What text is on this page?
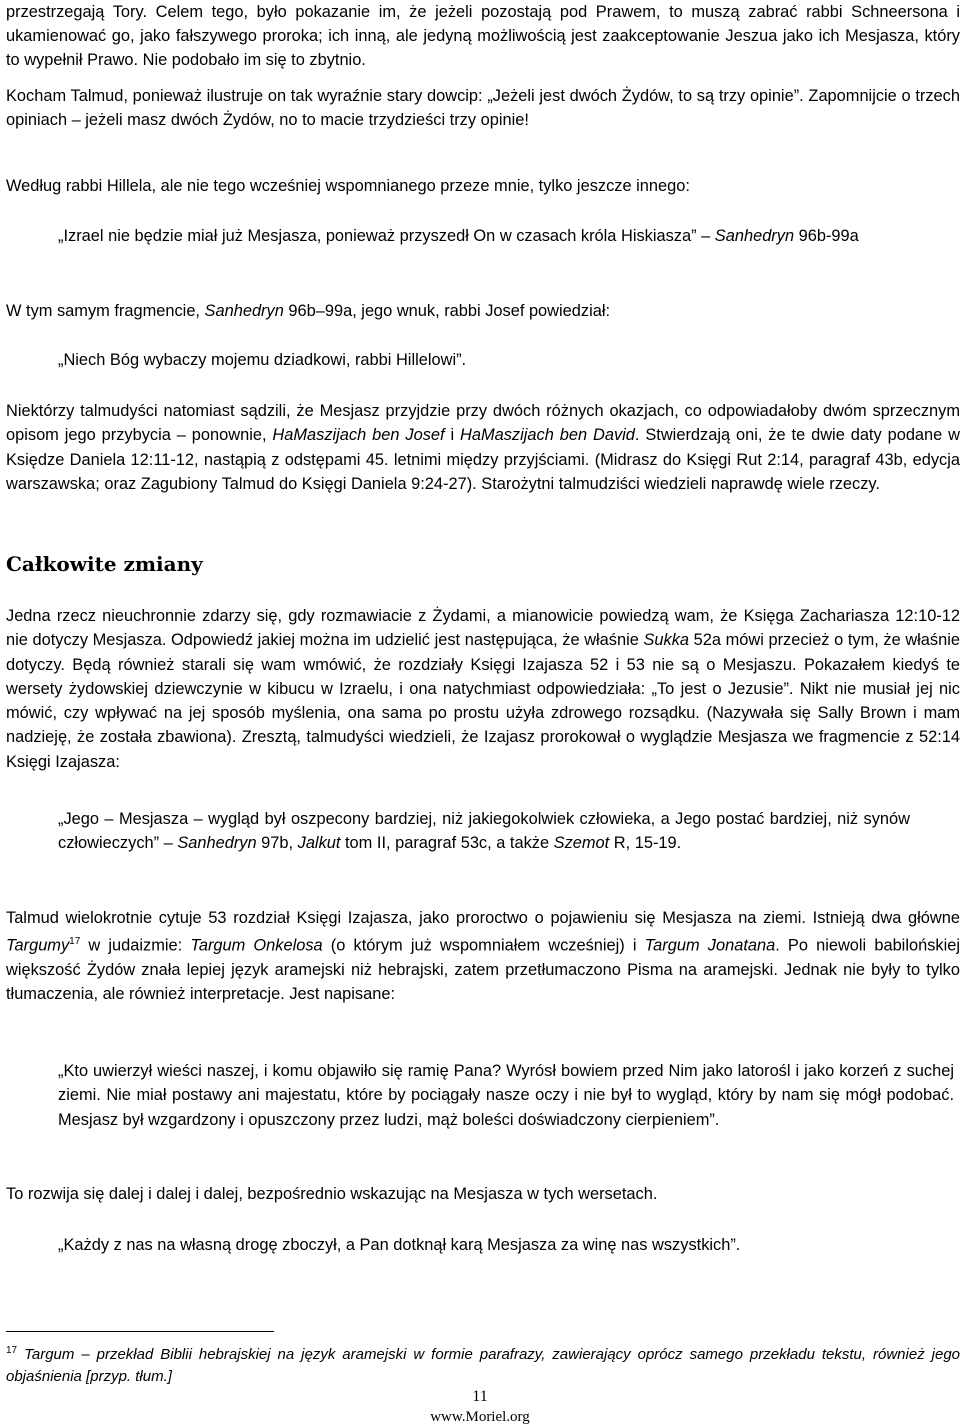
przestrzegają Tory. Celem tego, było pokazanie im, że jeżeli pozostają pod Prawem, to muszą zabrać rabbi Schneersona i ukamienować go, jako fałszywego proroka; ich inną, ale jedyną możliwością jest zaakceptowanie Jeszua jako ich Mesjasza, który to wypełnił Prawo. Nie podobało im się to zbytnio.

Kocham Talmud, ponieważ ilustruje on tak wyraźnie stary dowcip: „Jeżeli jest dwóch Żydów, to są trzy opinie”. Zapomnijcie o trzech opiniach – jeżeli masz dwóch Żydów, no to macie trzydzieści trzy opinie!

Według rabbi Hillela, ale nie tego wcześniej wspomnianego przeze mnie, tylko jeszcze innego:

„Izrael nie będzie miał już Mesjasza, ponieważ przyszedł On w czasach króla Hiskiasza” – Sanhedryn 96b-99a

W tym samym fragmencie, Sanhedryn 96b–99a, jego wnuk, rabbi Josef powiedział:

„Niech Bóg wybaczy mojemu dziadkowi, rabbi Hillelowi”.

Niektórzy talmudyści natomiast sądzili, że Mesjasz przyjdzie przy dwóch różnych okazjach, co odpowiadałoby dwóm sprzecznym opisom jego przybycia – ponownie, HaMaszijach ben Josef i HaMaszijach ben David. Stwierdzają oni, że te dwie daty podane w Księdze Daniela 12:11-12, nastąpią z odstępami 45. letnimi między przyjściami. (Midrasz do Księgi Rut 2:14, paragraf 43b, edycja warszawska; oraz Zagubiony Talmud do Księgi Daniela 9:24-27). Starożytni talmudziści wiedzieli naprawdę wiele rzeczy.

Całkowite zmiany

Jedna rzecz nieuchronnie zdarzy się, gdy rozmawiacie z Żydami, a mianowicie powiedzą wam, że Księga Zachariasza 12:10-12 nie dotyczy Mesjasza. Odpowiedź jakiej można im udzielić jest następująca, że właśnie Sukka 52a mówi przecież o tym, że właśnie dotyczy. Będą również starali się wam wmówić, że rozdziały Księgi Izajasza 52 i 53 nie są o Mesjaszu. Pokazałem kiedyś te wersety żydowskiej dziewczynie w kibucu w Izraelu, i ona natychmiast odpowiedziała: „To jest o Jezusie”. Nikt nie musiał jej nic mówić, czy wpływać na jej sposób myślenia, ona sama po prostu użyła zdrowego rozsądku. (Nazywała się Sally Brown i mam nadzieję, że została zbawiona). Zresztą, talmudyści wiedzieli, że Izajasz prorokował o wyglądzie Mesjasza we fragmencie z 52:14 Księgi Izajasza:

„Jego – Mesjasza – wygląd był oszpecony bardziej, niż jakiegokolwiek człowieka, a Jego postać bardziej, niż synów człowieczych” – Sanhedryn 97b, Jalkut tom II, paragraf 53c, a także Szemot R, 15-19.

Talmud wielokrotnie cytuje 53 rozdział Księgi Izajasza, jako proroctwo o pojawieniu się Mesjasza na ziemi. Istnieją dwa główne Targumy$^{17}$ w judaizmie: Targum Onkelosa (o którym już wspomniałem wcześniej) i Targum Jonatana. Po niewoli babilońskiej większość Żydów znała lepiej język aramejski niż hebrajski, zatem przetłumaczono Pisma na aramejski. Jednak nie były to tylko tłumaczenia, ale również interpretacje. Jest napisane:

„Kto uwierzył wieści naszej, i komu objawiło się ramię Pana? Wyrósł bowiem przed Nim jako latorośl i jako korzeń z suchej ziemi. Nie miał postawy ani majestatu, które by pociągały nasze oczy i nie był to wygląd, który by nam się mógł podobać. Mesjasz był wzgardzony i opuszczony przez ludzi, mąż boleści doświadczony cierpieniem”.

To rozwija się dalej i dalej i dalej, bezpośrednio wskazując na Mesjasza w tych wersetach.

„Każdy z nas na własną drogę zboczył, a Pan dotknął karą Mesjasza za winę nas wszystkich”.

$^{17}$ Targum – przekład Biblii hebrajskiej na język aramejski w formie parafrazy, zawierający oprócz samego przekładu tekstu, również jego objaśnienia [przyp. tłum.]

11
www.Moriel.org
